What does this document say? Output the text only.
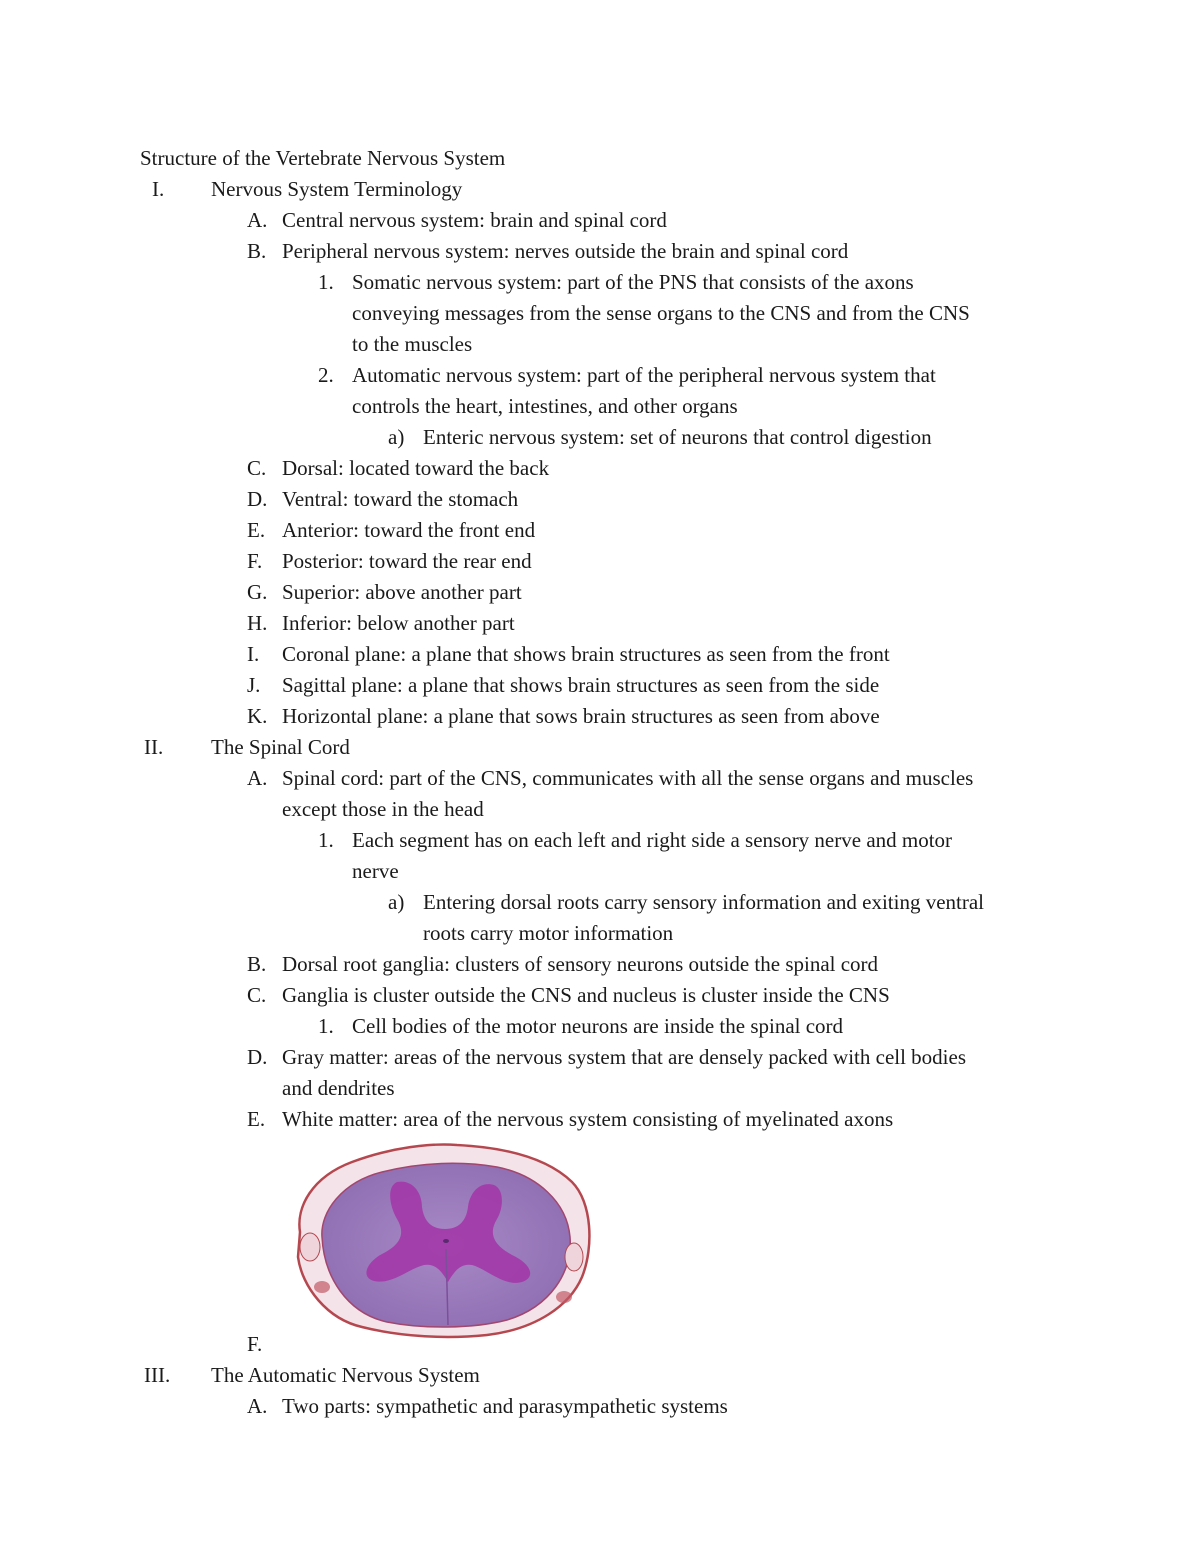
Structure of the Vertebrate Nervous System
I. Nervous System Terminology
A. Central nervous system: brain and spinal cord
B. Peripheral nervous system: nerves outside the brain and spinal cord
1. Somatic nervous system: part of the PNS that consists of the axons
conveying messages from the sense organs to the CNS and from the CNS
to the muscles
2. Automatic nervous system: part of the peripheral nervous system that
controls the heart, intestines, and other organs
a) Enteric nervous system: set of neurons that control digestion
C. Dorsal: located toward the back
D. Ventral: toward the stomach
E. Anterior: toward the front end
F. Posterior: toward the rear end
G. Superior: above another part
H. Inferior: below another part
I. Coronal plane: a plane that shows brain structures as seen from the front
J. Sagittal plane: a plane that shows brain structures as seen from the side
K. Horizontal plane: a plane that sows brain structures as seen from above
II. The Spinal Cord
A. Spinal cord: part of the CNS, communicates with all the sense organs and muscles
except those in the head
1. Each segment has on each left and right side a sensory nerve and motor
nerve
a) Entering dorsal roots carry sensory information and exiting ventral
roots carry motor information
B. Dorsal root ganglia: clusters of sensory neurons outside the spinal cord
C. Ganglia is cluster outside the CNS and nucleus is cluster inside the CNS
1. Cell bodies of the motor neurons are inside the spinal cord
D. Gray matter: areas of the nervous system that are densely packed with cell bodies
and dendrites
E. White matter: area of the nervous system consisting of myelinated axons
F.
III. The Automatic Nervous System
A. Two parts: sympathetic and parasympathetic systems
